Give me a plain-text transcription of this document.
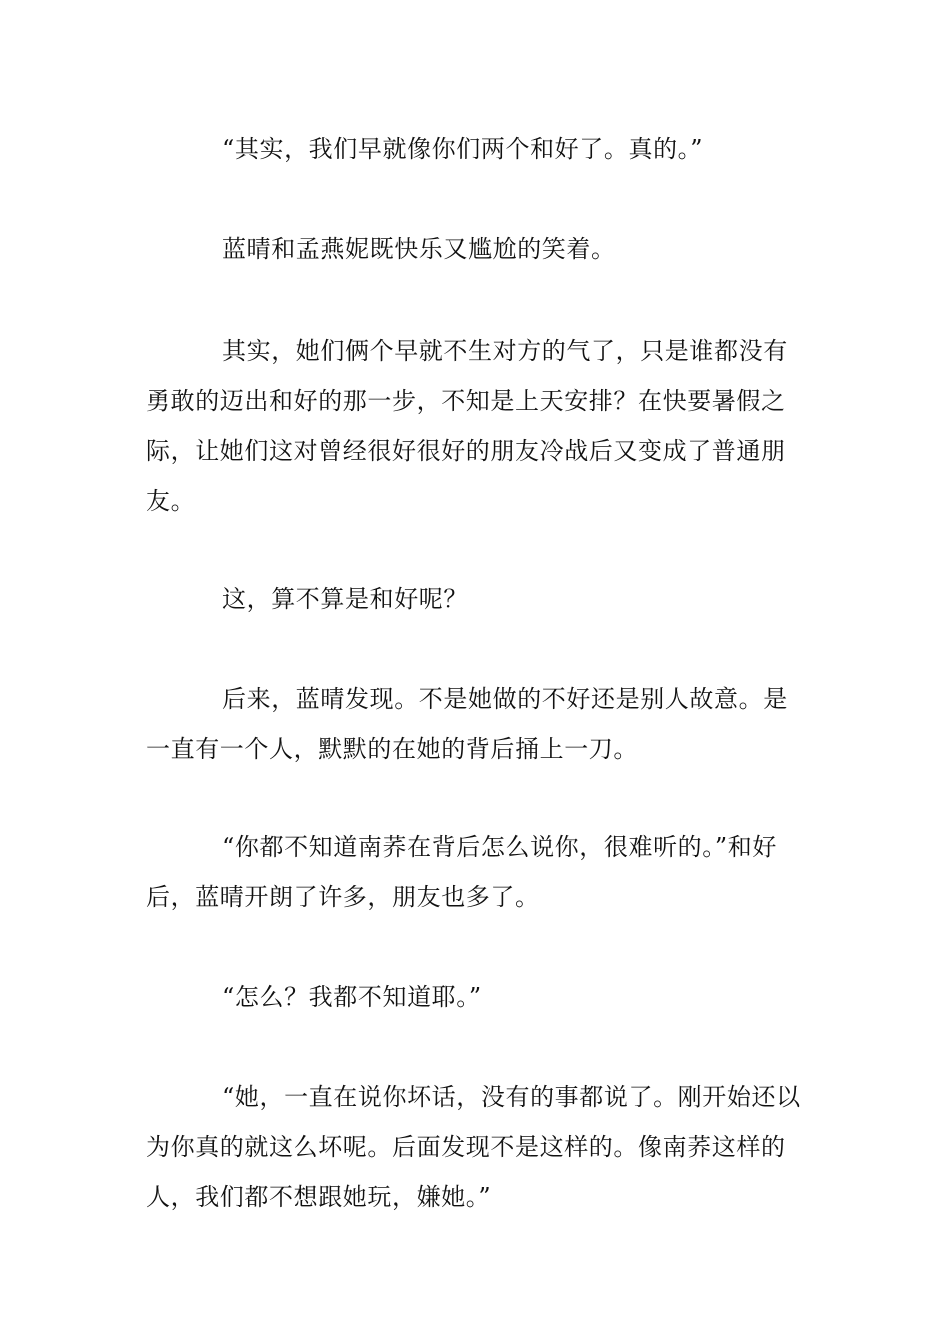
“其实，我们早就像你们两个和好了。真的。”

蓝晴和孟燕妮既快乐又尴尬的笑着。

其实，她们俩个早就不生对方的气了，只是谁都没有勇敢的迈出和好的那一步，不知是上天安排？在快要暑假之际，让她们这对曾经很好很好的朋友冷战后又变成了普通朋友。

这，算不算是和好呢？

后来，蓝晴发现。不是她做的不好还是别人故意。是一直有一个人，默默的在她的背后捅上一刀。

“你都不知道南荞在背后怎么说你，很难听的。”和好后，蓝晴开朗了许多，朋友也多了。

“怎么？我都不知道耶。”

“她，一直在说你坏话，没有的事都说了。刚开始还以为你真的就这么坏呢。后面发现不是这样的。像南荞这样的人，我们都不想跟她玩，嫌她。”
